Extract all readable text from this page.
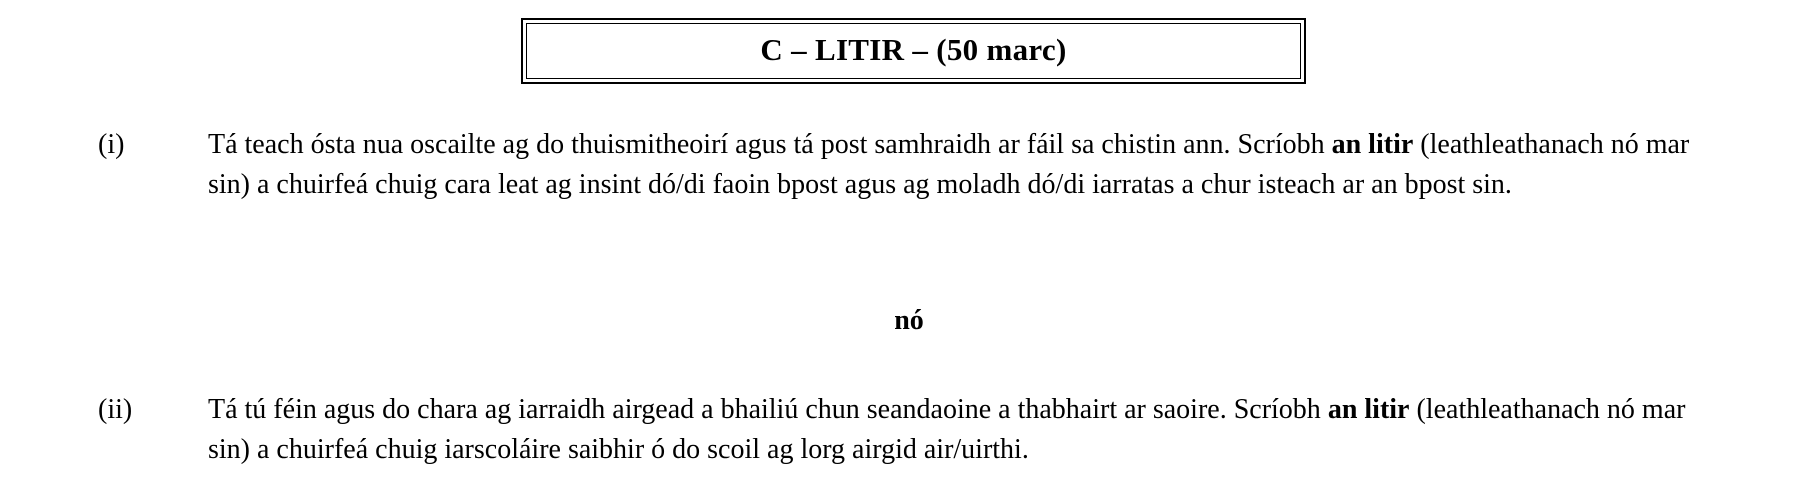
C – LITIR – (50 marc)
(i)	Tá teach ósta nua oscailte ag do thuismitheoirí agus tá post samhraidh ar fáil sa chistin ann. Scríobh an litir (leathleathanach nó mar sin) a chuirfeá chuig cara leat ag insint dó/di faoin bpost agus ag moladh dó/di iarratas a chur isteach ar an bpost sin.
nó
(ii)	Tá tú féin agus do chara ag iarraidh airgead a bhailiú chun seandaoine a thabhairt ar saoire. Scríobh an litir (leathleathanach nó mar sin) a chuirfeá chuig iarscoláire saibhir ó do scoil ag lorg airgid air/uirthi.
